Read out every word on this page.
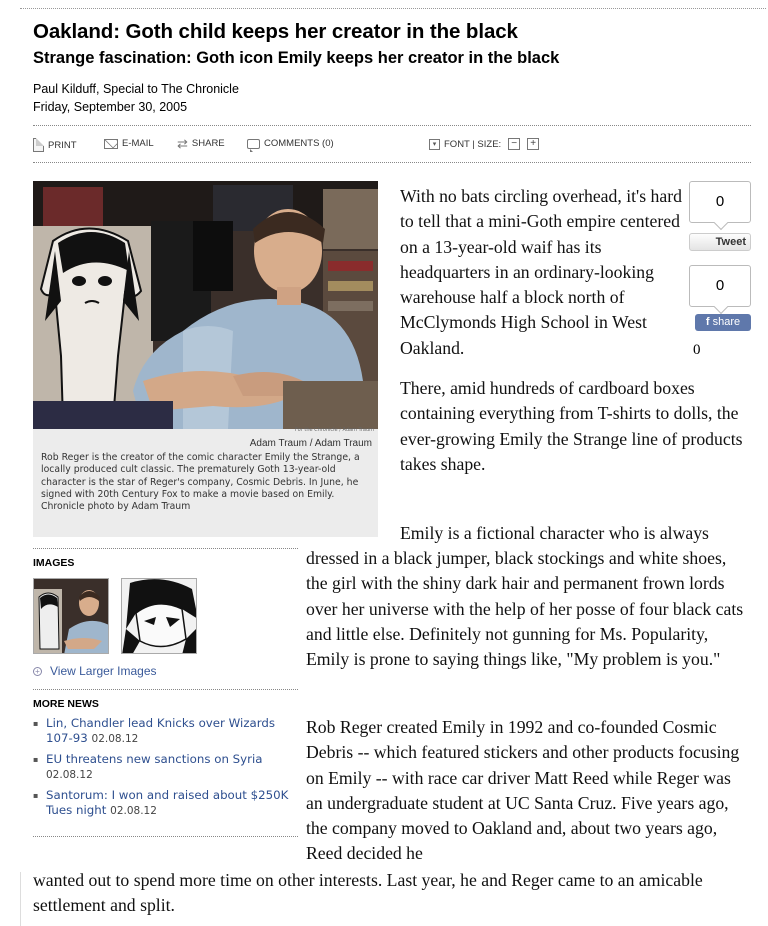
Oakland: Goth child keeps her creator in the black
Strange fascination: Goth icon Emily keeps her creator in the black
Paul Kilduff, Special to The Chronicle
Friday, September 30, 2005
PRINT	E-MAIL ⇄ SHARE	COMMENTS (0)	▾ FONT | SIZE:	−	+
For the Chronicle / Adam Traum
Adam Traum / Adam Traum

Rob Reger is the creator of the comic character Emily the Strange, a locally produced cult classic. The prematurely Goth 13-year-old character is the star of Reger's company, Cosmic Debris. In June, he signed with 20th Century Fox to make a movie based on Emily. Chronicle photo by Adam Traum

0
Tweet
0
f share
0

With no bats circling overhead, it's hard to tell that a mini-Goth empire centered on a 13-year-old waif has its headquarters in an ordinary-looking warehouse half a block north of McClymonds High School in West Oakland.

There, amid hundreds of cardboard boxes containing everything from T-shirts to dolls, the ever-growing Emily the Strange line of products takes shape.

Emily is a fictional character who is always

dressed in a black jumper, black stockings and white shoes, the girl with the shiny dark hair and permanent frown lords over her universe with the help of her posse of four black cats and little else. Definitely not gunning for Ms. Popularity, Emily is prone to saying things like, "My problem is you."

Rob Reger created Emily in 1992 and co-founded Cosmic Debris -- which featured stickers and other products focusing on Emily -- with race car driver Matt Reed while Reger was an undergraduate student at UC Santa Cruz. Five years ago, the company moved to Oakland and, about two years ago, Reed decided he

wanted out to spend more time on other interests. Last year, he and Reger came to an amicable settlement and split.

IMAGES
+ View Larger Images
MORE NEWS
▪ Lin, Chandler lead Knicks over Wizards 107-93 02.08.12
▪ EU threatens new sanctions on Syria 02.08.12
▪ Santorum: I won and raised about $250K Tues night 02.08.12
